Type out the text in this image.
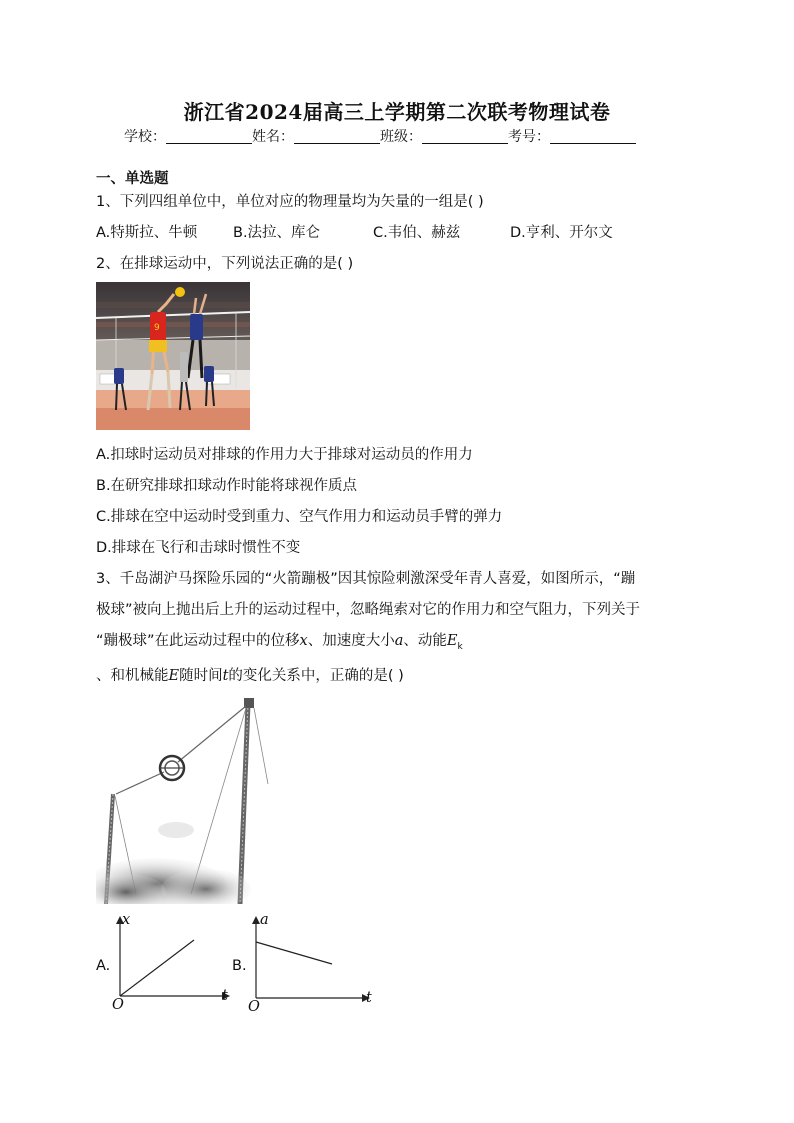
浙江省2024届高三上学期第二次联考物理试卷
学校：	姓名：	班级：	考号：
一、单选题
1、下列四组单位中，单位对应的物理量均为矢量的一组是( )
A.特斯拉、牛顿 B.法拉、库仑	C.韦伯、赫兹	D.亨利、开尔文
2、在排球运动中，下列说法正确的是( )
9
A.扣球时运动员对排球的作用力大于排球对运动员的作用力
B.在研究排球扣球动作时能将球视作质点
C.排球在空中运动时受到重力、空气作用力和运动员手臂的弹力
D.排球在飞行和击球时惯性不变
3、千岛湖沪马探险乐园的“火箭蹦极”因其惊险刺激深受年青人喜爱，如图所示，“蹦
极球”被向上抛出后上升的运动过程中，忽略绳索对它的作用力和空气阻力，下列关于
“蹦极球”在此运动过程中的位移x、加速度大小a、动能$E_k$
、和机械能E随时间t的变化关系中，正确的是( )
A.
x
t
O
B.
a
t
O
